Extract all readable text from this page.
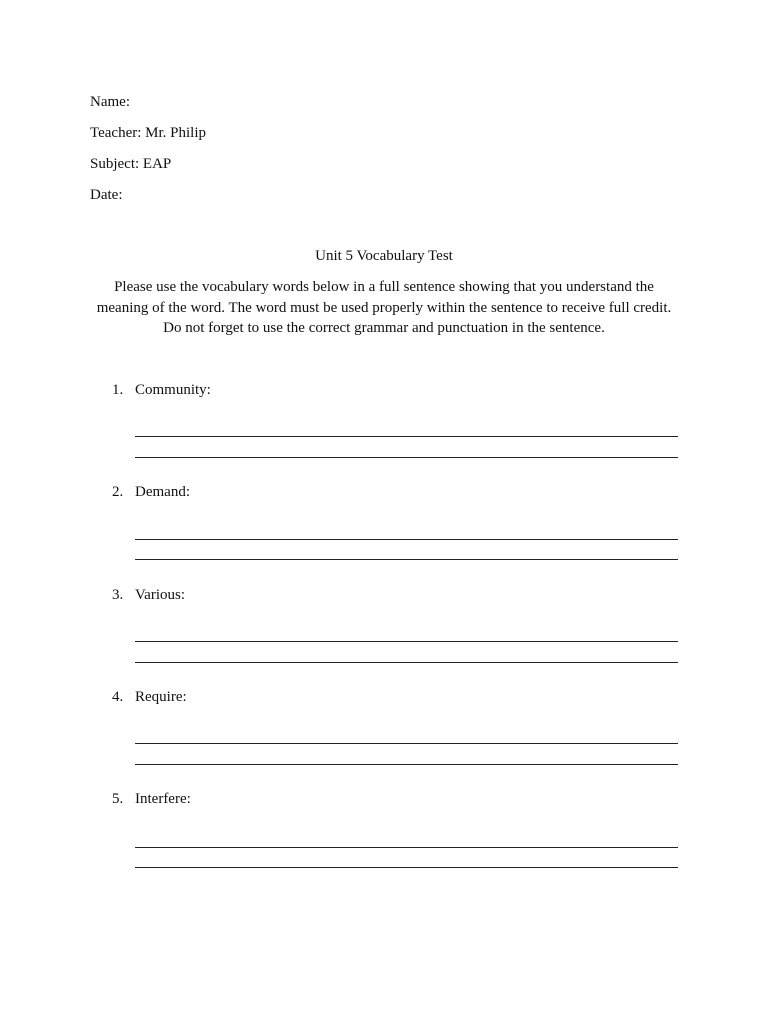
Name:
Teacher: Mr. Philip
Subject: EAP
Date:
Unit 5 Vocabulary Test
Please use the vocabulary words below in a full sentence showing that you understand the meaning of the word. The word must be used properly within the sentence to receive full credit. Do not forget to use the correct grammar and punctuation in the sentence.
1. Community:
2. Demand:
3. Various:
4. Require:
5. Interfere:
